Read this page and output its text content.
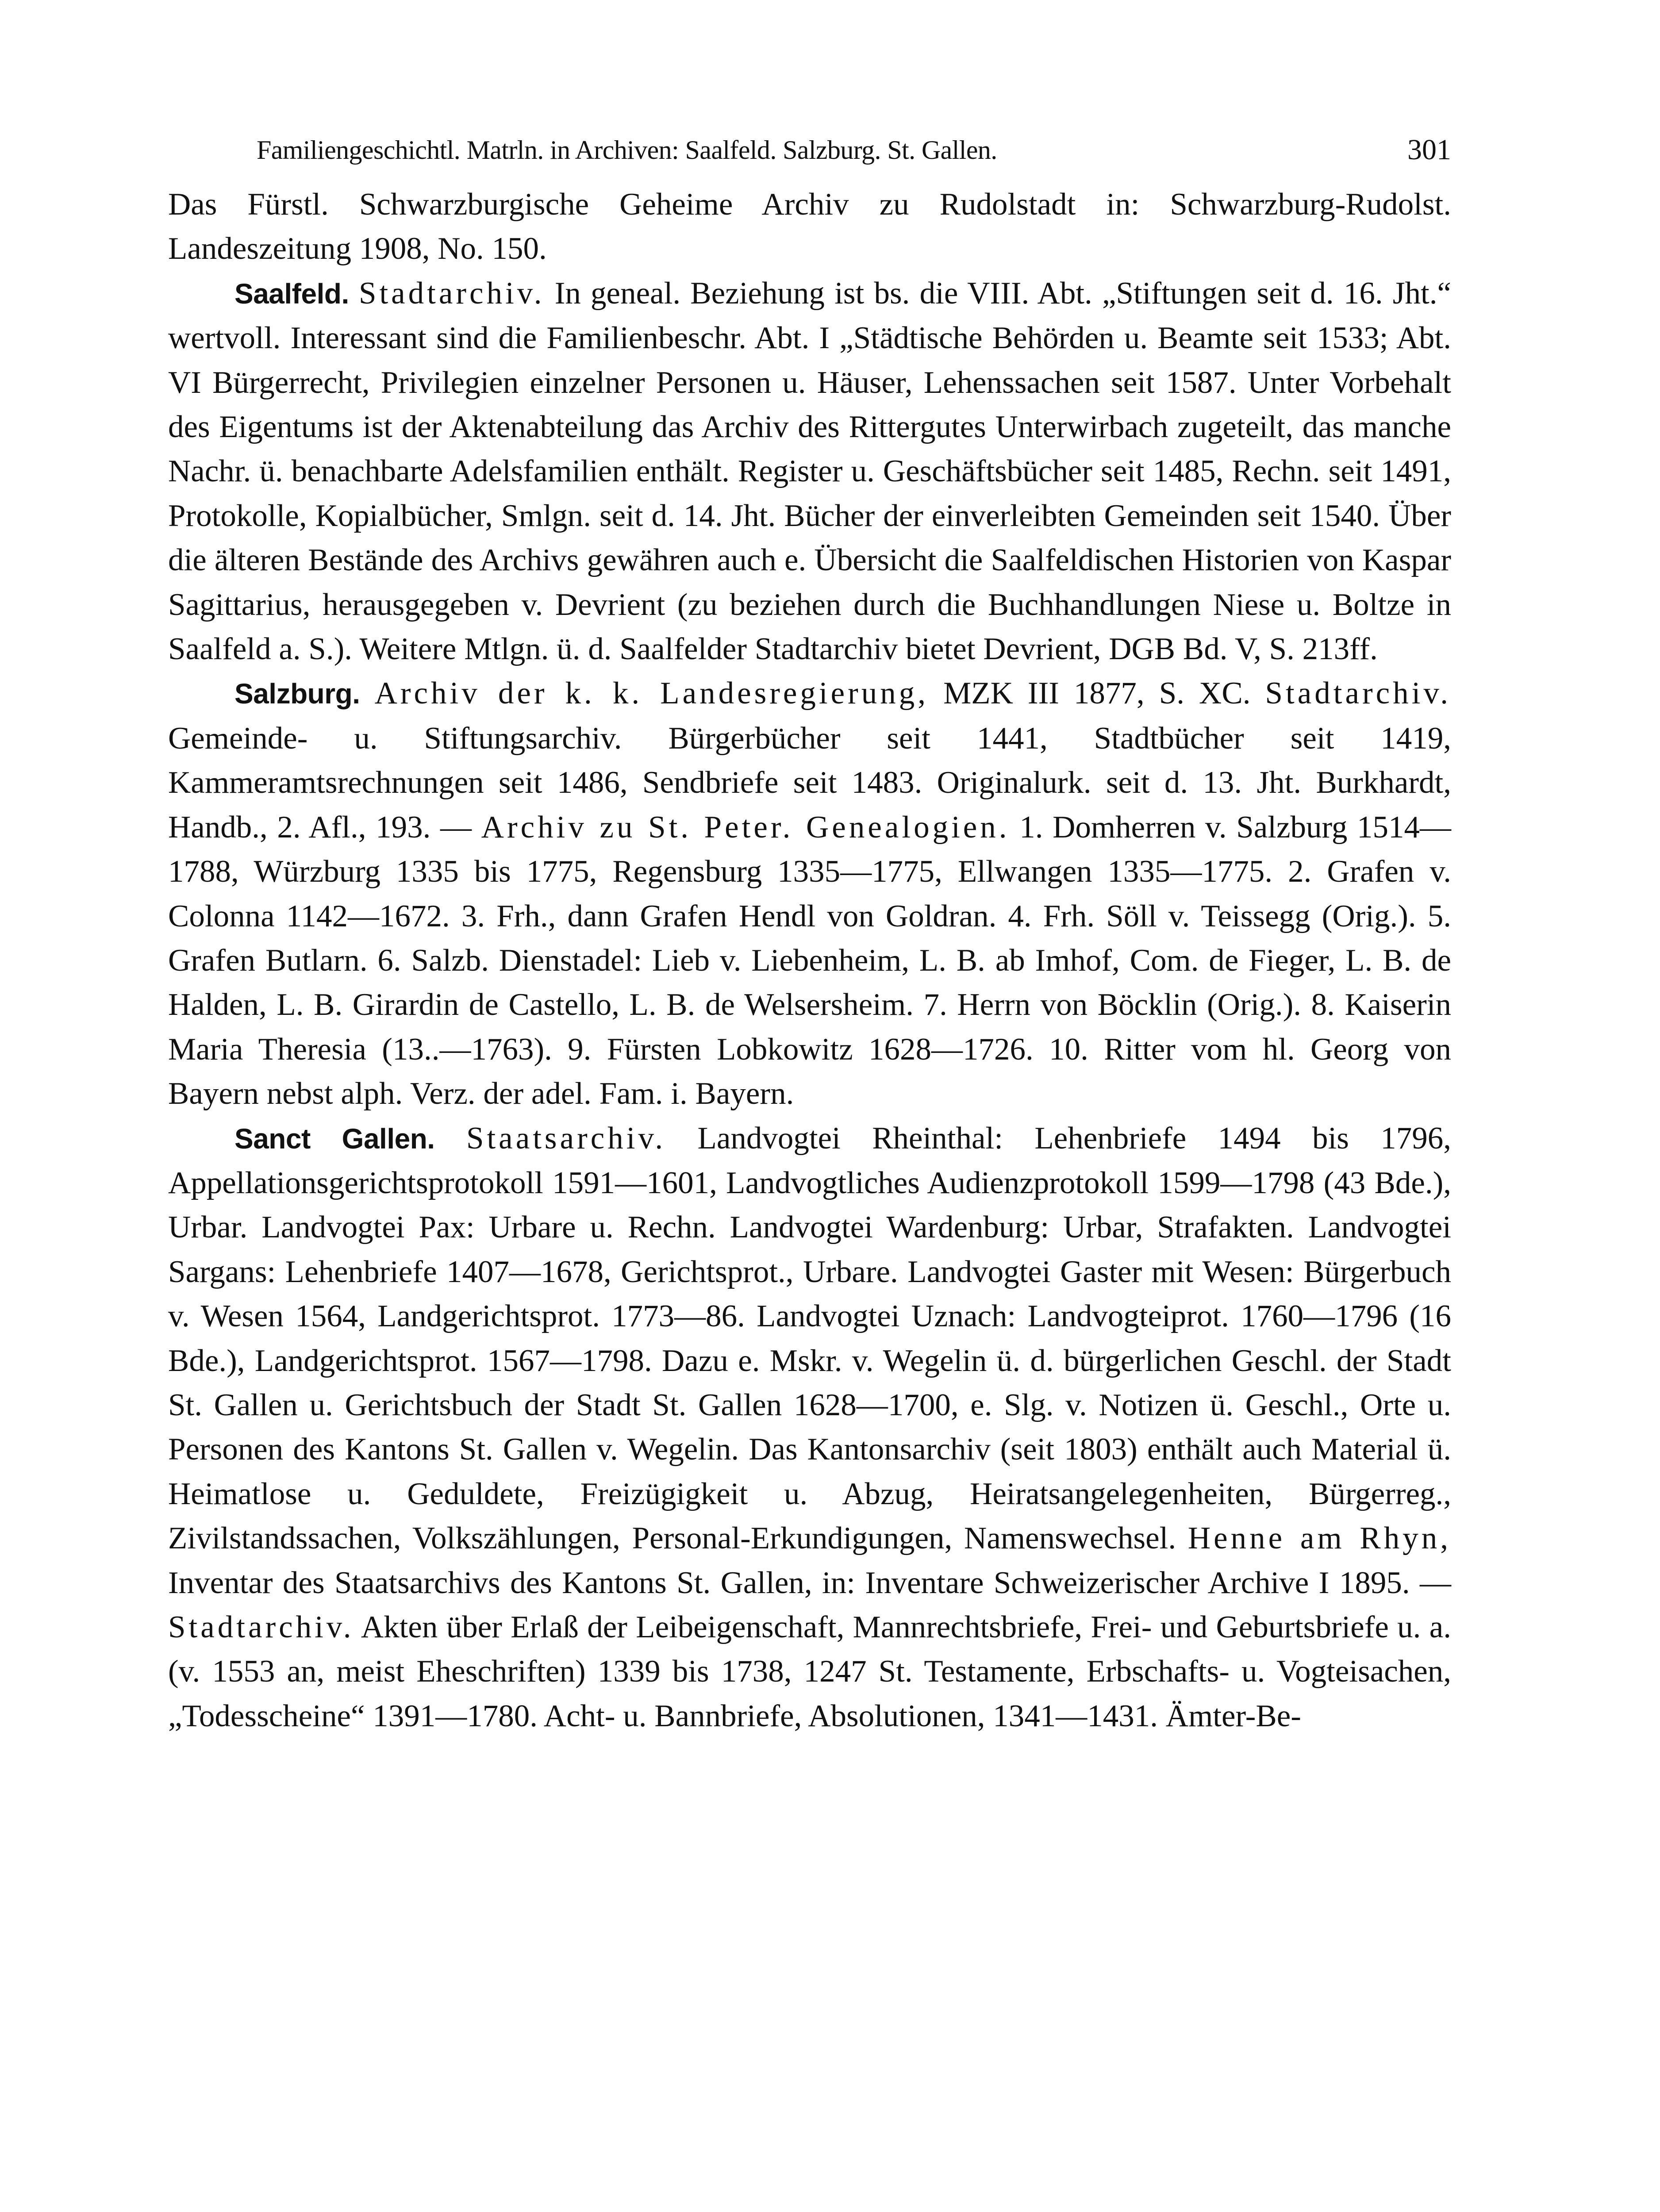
Familiengeschichtl. Matrln. in Archiven: Saalfeld. Salzburg. St. Gallen.	301

Das Fürstl. Schwarzburgische Geheime Archiv zu Rudolstadt in: Schwarzburg-Rudolst. Landeszeitung 1908, No. 150.

Saalfeld. Stadtarchiv. In geneal. Beziehung ist bs. die VIII. Abt. „Stiftungen seit d. 16. Jht.“ wertvoll. Interessant sind die Familienbeschr. Abt. I „Städtische Behörden u. Beamte seit 1533; Abt. VI Bürgerrecht, Privilegien einzelner Personen u. Häuser, Lehenssachen seit 1587. Unter Vorbehalt des Eigentums ist der Aktenabteilung das Archiv des Rittergutes Unterwirbach zugeteilt, das manche Nachr. ü. benachbarte Adelsfamilien enthält. Register u. Geschäftsbücher seit 1485, Rechn. seit 1491, Protokolle, Kopialbücher, Smlgn. seit d. 14. Jht. Bücher der einverleibten Gemeinden seit 1540. Über die älteren Bestände des Archivs gewähren auch e. Übersicht die Saalfeldischen Historien von Kaspar Sagittarius, herausgegeben v. Devrient (zu beziehen durch die Buchhandlungen Niese u. Boltze in Saalfeld a. S.). Weitere Mtlgn. ü. d. Saalfelder Stadtarchiv bietet Devrient, DGB Bd. V, S. 213ff.

Salzburg. Archiv der k. k. Landesregierung, MZK III 1877, S. XC. Stadtarchiv. Gemeinde- u. Stiftungsarchiv. Bürgerbücher seit 1441, Stadtbücher seit 1419, Kammeramtsrechnungen seit 1486, Sendbriefe seit 1483. Originalurk. seit d. 13. Jht. Burkhardt, Handb., 2. Afl., 193. — Archiv zu St. Peter. Genealogien. 1. Domherren v. Salzburg 1514—1788, Würzburg 1335 bis 1775, Regensburg 1335—1775, Ellwangen 1335—1775. 2. Grafen v. Colonna 1142—1672. 3. Frh., dann Grafen Hendl von Goldran. 4. Frh. Söll v. Teissegg (Orig.). 5. Grafen Butlarn. 6. Salzb. Dienstadel: Lieb v. Liebenheim, L. B. ab Imhof, Com. de Fieger, L. B. de Halden, L. B. Girardin de Castello, L. B. de Welsersheim. 7. Herrn von Böcklin (Orig.). 8. Kaiserin Maria Theresia (13..—1763). 9. Fürsten Lobkowitz 1628—1726. 10. Ritter vom hl. Georg von Bayern nebst alph. Verz. der adel. Fam. i. Bayern.

Sanct Gallen. Staatsarchiv. Landvogtei Rheinthal: Lehenbriefe 1494 bis 1796, Appellationsgerichtsprotokoll 1591—1601, Landvogtliches Audienzprotokoll 1599—1798 (43 Bde.), Urbar. Landvogtei Pax: Urbare u. Rechn. Landvogtei Wardenburg: Urbar, Strafakten. Landvogtei Sargans: Lehenbriefe 1407—1678, Gerichtsprot., Urbare. Landvogtei Gaster mit Wesen: Bürgerbuch v. Wesen 1564, Landgerichtsprot. 1773—86. Landvogtei Uznach: Landvogteiprot. 1760—1796 (16 Bde.), Landgerichtsprot. 1567—1798. Dazu e. Mskr. v. Wegelin ü. d. bürgerlichen Geschl. der Stadt St. Gallen u. Gerichtsbuch der Stadt St. Gallen 1628—1700, e. Slg. v. Notizen ü. Geschl., Orte u. Personen des Kantons St. Gallen v. Wegelin. Das Kantonsarchiv (seit 1803) enthält auch Material ü. Heimatlose u. Geduldete, Freizügigkeit u. Abzug, Heiratsangelegenheiten, Bürgerreg., Zivilstandssachen, Volkszählungen, Personal-Erkundigungen, Namenswechsel. Henne am Rhyn, Inventar des Staatsarchivs des Kantons St. Gallen, in: Inventare Schweizerischer Archive I 1895. — Stadtarchiv. Akten über Erlaß der Leibeigenschaft, Mannrechtsbriefe, Frei- und Geburtsbriefe u. a. (v. 1553 an, meist Eheschriften) 1339 bis 1738, 1247 St. Testamente, Erbschafts- u. Vogteisachen, „Todesscheine“ 1391—1780. Acht- u. Bannbriefe, Absolutionen, 1341—1431. Ämter-Be-
